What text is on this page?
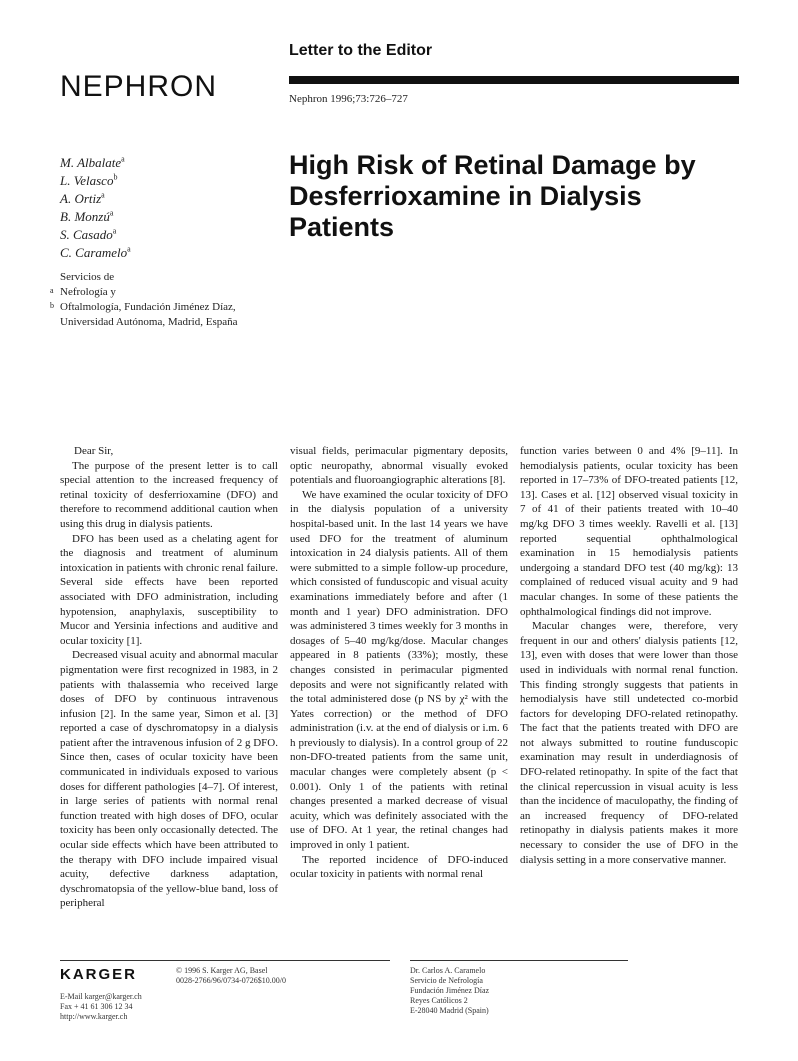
Letter to the Editor
NEPHRON	Nephron 1996;73:726–727
High Risk of Retinal Damage by
Desferrioxamine in Dialysis
Patients
M. Albalate$^a$
L. Velasco$^b$
A. Ortiz$^a$
B. Monzú$^a$
S. Casado$^a$
C. Caramelo$^a$
Servicios de
a Nefrología y
b Oftalmología, Fundación Jiménez Díaz,
Universidad Autónoma, Madrid, España

Dear Sir,

The purpose of the present letter is to call special attention to the increased frequency of retinal toxicity of desferrioxamine (DFO) and therefore to recommend additional caution when using this drug in dialysis patients.

DFO has been used as a chelating agent for the diagnosis and treatment of aluminum intoxication in patients with chronic renal failure. Several side effects have been reported associated with DFO administration, including hypotension, anaphylaxis, susceptibility to Mucor and Yersinia infections and auditive and ocular toxicity [1].

Decreased visual acuity and abnormal macular pigmentation were first recognized in 1983, in 2 patients with thalassemia who received large doses of DFO by continuous intravenous infusion [2]. In the same year, Simon et al. [3] reported a case of dyschromatopsy in a dialysis patient after the intravenous infusion of 2 g DFO. Since then, cases of ocular toxicity have been communicated in individuals exposed to various doses for different pathologies [4–7]. Of interest, in large series of patients with normal renal function treated with high doses of DFO, ocular toxicity has been only occasionally detected. The ocular side effects which have been attributed to the therapy with DFO include impaired visual acuity, defective darkness adaptation, dyschromatopsia of the yellow-blue band, loss of peripheral

visual fields, perimacular pigmentary deposits, optic neuropathy, abnormal visually evoked potentials and fluoroangiographic alterations [8].

We have examined the ocular toxicity of DFO in the dialysis population of a university hospital-based unit. In the last 14 years we have used DFO for the treatment of aluminum intoxication in 24 dialysis patients. All of them were submitted to a simple follow-up procedure, which consisted of funduscopic and visual acuity examinations immediately before and after (1 month and 1 year) DFO administration. DFO was administered 3 times weekly for 3 months in dosages of 5–40 mg/kg/dose. Macular changes appeared in 8 patients (33%); mostly, these changes consisted in perimacular pigmented deposits and were not significantly related with the total administered dose (p NS by χ² with the Yates correction) or the method of DFO administration (i.v. at the end of dialysis or i.m. 6 h previously to dialysis). In a control group of 22 non-DFO-treated patients from the same unit, macular changes were completely absent (p < 0.001). Only 1 of the patients with retinal changes presented a marked decrease of visual acuity, which was definitely associated with the use of DFO. At 1 year, the retinal changes had improved in only 1 patient.

The reported incidence of DFO-induced ocular toxicity in patients with normal renal

function varies between 0 and 4% [9–11]. In hemodialysis patients, ocular toxicity has been reported in 17–73% of DFO-treated patients [12, 13]. Cases et al. [12] observed visual toxicity in 7 of 41 of their patients treated with 10–40 mg/kg DFO 3 times weekly. Ravelli et al. [13] reported sequential ophthalmological examination in 15 hemodialysis patients undergoing a standard DFO test (40 mg/kg): 13 complained of reduced visual acuity and 9 had macular changes. In some of these patients the ophthalmological findings did not improve.

Macular changes were, therefore, very frequent in our and others' dialysis patients [12, 13], even with doses that were lower than those used in individuals with normal renal function. This finding strongly suggests that patients in hemodialysis have still undetected co-morbid factors for developing DFO-related retinopathy. The fact that the patients treated with DFO are not always submitted to routine funduscopic examination may result in underdiagnosis of DFO-related retinopathy. In spite of the fact that the clinical repercussion in visual acuity is less than the incidence of maculopathy, the finding of an increased frequency of DFO-related retinopathy in dialysis patients makes it more necessary to consider the use of DFO in the dialysis setting in a more conservative manner.

KARGER
E-Mail karger@karger.ch
Fax + 41 61 306 12 34
http://www.karger.ch
© 1996 S. Karger AG, Basel
0028-2766/96/0734-0726$10.00/0
Dr. Carlos A. Caramelo
Servicio de Nefrología
Fundación Jiménez Díaz
Reyes Católicos 2
E-28040 Madrid (Spain)
